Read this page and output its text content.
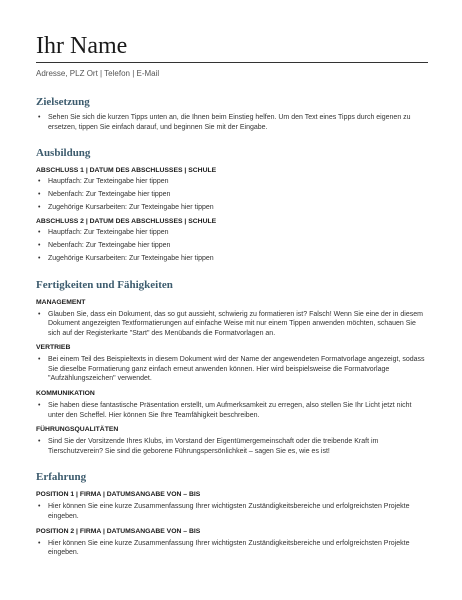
Ihr Name
Adresse, PLZ Ort | Telefon | E-Mail
Zielsetzung
• Sehen Sie sich die kurzen Tipps unten an, die Ihnen beim Einstieg helfen. Um den Text eines Tipps durch eigenen zu ersetzen, tippen Sie einfach darauf, und beginnen Sie mit der Eingabe.
Ausbildung

ABSCHLUSS 1 | DATUM DES ABSCHLUSSES | SCHULE

• Hauptfach: Zur Texteingabe hier tippen
• Nebenfach: Zur Texteingabe hier tippen
• Zugehörige Kursarbeiten: Zur Texteingabe hier tippen

ABSCHLUSS 2 | DATUM DES ABSCHLUSSES | SCHULE

• Hauptfach: Zur Texteingabe hier tippen
• Nebenfach: Zur Texteingabe hier tippen
• Zugehörige Kursarbeiten: Zur Texteingabe hier tippen
Fertigkeiten und Fähigkeiten

MANAGEMENT

• Glauben Sie, dass ein Dokument, das so gut aussieht, schwierig zu formatieren ist? Falsch! Wenn Sie eine der in diesem Dokument angezeigten Textformatierungen auf einfache Weise mit nur einem Tippen anwenden möchten, schauen Sie sich auf der Registerkarte "Start" des Menübands die Formatvorlagen an.

VERTRIEB

• Bei einem Teil des Beispieltexts in diesem Dokument wird der Name der angewendeten Formatvorlage angezeigt, sodass Sie dieselbe Formatierung ganz einfach erneut anwenden können. Hier wird beispielsweise die Formatvorlage "Aufzählungszeichen" verwendet.

KOMMUNIKATION

• Sie haben diese fantastische Präsentation erstellt, um Aufmerksamkeit zu erregen, also stellen Sie Ihr Licht jetzt nicht unter den Scheffel. Hier können Sie Ihre Teamfähigkeit beschreiben.

FÜHRUNGSQUALITÄTEN

• Sind Sie der Vorsitzende Ihres Klubs, im Vorstand der Eigentümergemeinschaft oder die treibende Kraft im Tierschutzverein? Sie sind die geborene Führungspersönlichkeit – sagen Sie es, wie es ist!
Erfahrung

POSITION 1 | FIRMA | DATUMSANGABE VON – BIS

• Hier können Sie eine kurze Zusammenfassung Ihrer wichtigsten Zuständigkeitsbereiche und erfolgreichsten Projekte eingeben.

POSITION 2 | FIRMA | DATUMSANGABE VON – BIS

• Hier können Sie eine kurze Zusammenfassung Ihrer wichtigsten Zuständigkeitsbereiche und erfolgreichsten Projekte eingeben.
